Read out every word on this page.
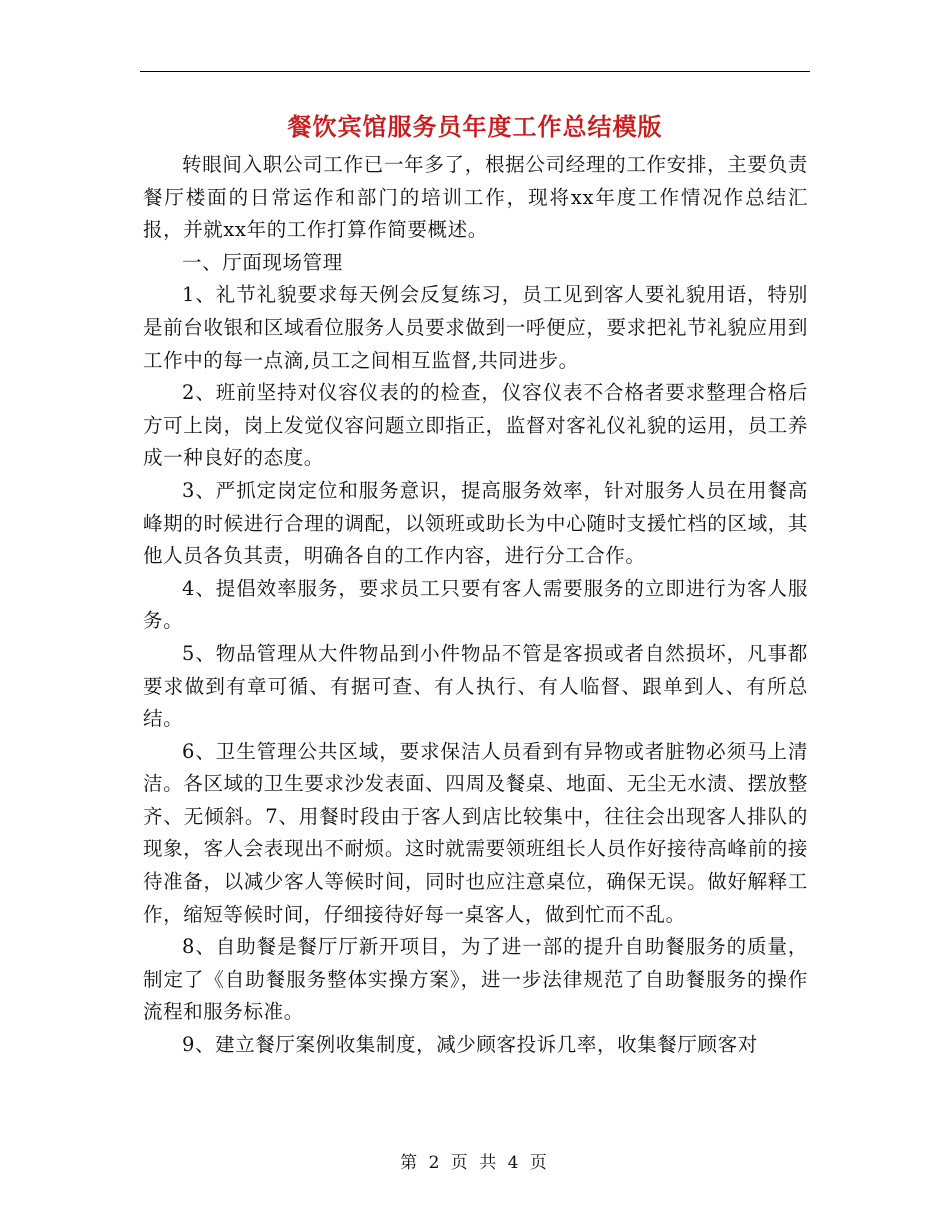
餐饮宾馆服务员年度工作总结模版

转眼间入职公司工作已一年多了，根据公司经理的工作安排，主要负责餐厅楼面的日常运作和部门的培训工作，现将xx年度工作情况作总结汇报，并就xx年的工作打算作简要概述。

一、厅面现场管理

1、礼节礼貌要求每天例会反复练习，员工见到客人要礼貌用语，特别是前台收银和区域看位服务人员要求做到一呼便应，要求把礼节礼貌应用到工作中的每一点滴,员工之间相互监督,共同进步。

2、班前坚持对仪容仪表的的检查，仪容仪表不合格者要求整理合格后方可上岗，岗上发觉仪容问题立即指正，监督对客礼仪礼貌的运用，员工养成一种良好的态度。

3、严抓定岗定位和服务意识，提高服务效率，针对服务人员在用餐高峰期的时候进行合理的调配，以领班或助长为中心随时支援忙档的区域，其他人员各负其责，明确各自的工作内容，进行分工合作。

4、提倡效率服务，要求员工只要有客人需要服务的立即进行为客人服务。

5、物品管理从大件物品到小件物品不管是客损或者自然损坏，凡事都要求做到有章可循、有据可查、有人执行、有人临督、跟单到人、有所总结。

6、卫生管理公共区域，要求保洁人员看到有异物或者脏物必须马上清洁。各区域的卫生要求沙发表面、四周及餐桌、地面、无尘无水渍、摆放整齐、无倾斜。7、用餐时段由于客人到店比较集中，往往会出现客人排队的现象，客人会表现出不耐烦。这时就需要领班组长人员作好接待高峰前的接待准备，以减少客人等候时间，同时也应注意桌位，确保无误。做好解释工作，缩短等候时间，仔细接待好每一桌客人，做到忙而不乱。

8、自助餐是餐厅厅新开项目，为了进一部的提升自助餐服务的质量，制定了《自助餐服务整体实操方案》，进一步法律规范了自助餐服务的操作流程和服务标准。

9、建立餐厅案例收集制度，减少顾客投诉几率，收集餐厅顾客对

第 2 页 共 4 页
